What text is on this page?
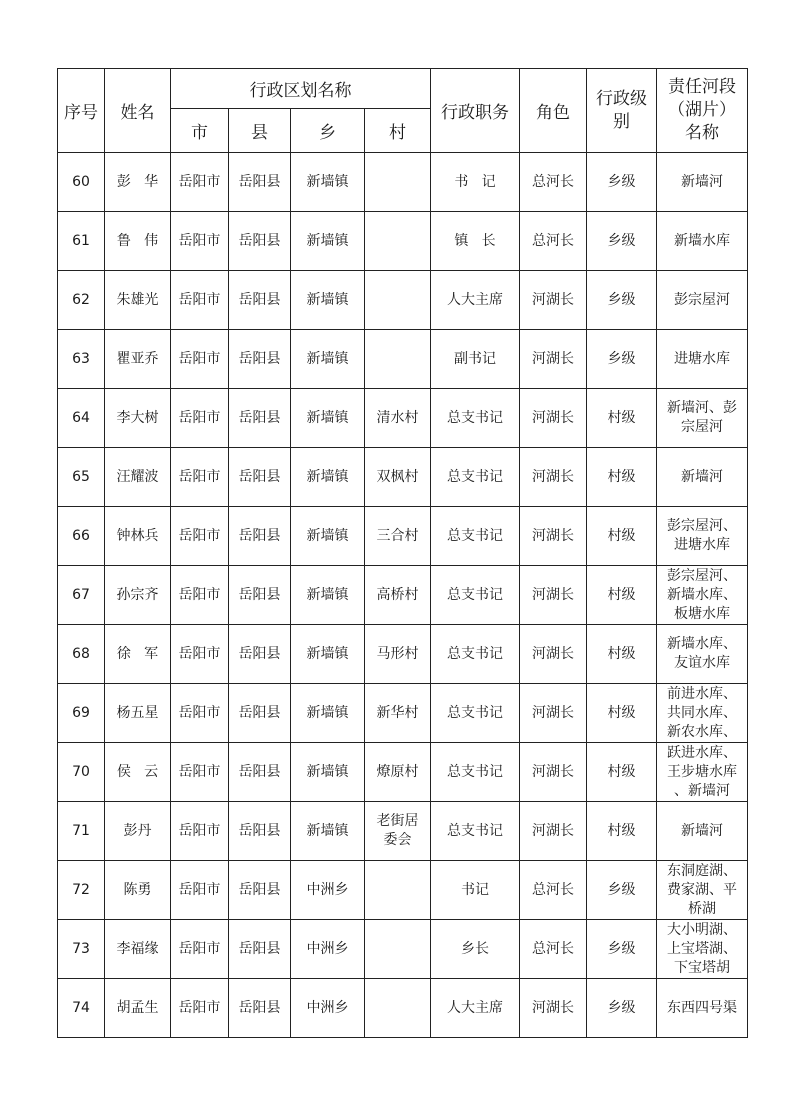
序号	姓名	行政区划名称				行政职务	角色	行政级
别	责任河段
（湖片）
名称
		市	县	乡	村				
60	彭   华	岳阳市	岳阳县	新墙镇		书   记	总河长	乡级	新墙河
61	鲁   伟	岳阳市	岳阳县	新墙镇		镇   长	总河长	乡级	新墙水库
62	朱雄光	岳阳市	岳阳县	新墙镇		人大主席	河湖长	乡级	彭宗屋河
63	瞿亚乔	岳阳市	岳阳县	新墙镇		副书记	河湖长	乡级	进塘水库
64	李大树	岳阳市	岳阳县	新墙镇	清水村	总支书记	河湖长	村级	新墙河、彭
宗屋河
65	汪耀波	岳阳市	岳阳县	新墙镇	双枫村	总支书记	河湖长	村级	新墙河
66	钟林兵	岳阳市	岳阳县	新墙镇	三合村	总支书记	河湖长	村级	彭宗屋河、
进塘水库
67	孙宗齐	岳阳市	岳阳县	新墙镇	高桥村	总支书记	河湖长	村级	彭宗屋河、
新墙水库、
板塘水库
68	徐   军	岳阳市	岳阳县	新墙镇	马形村	总支书记	河湖长	村级	新墙水库、
友谊水库
69	杨五星	岳阳市	岳阳县	新墙镇	新华村	总支书记	河湖长	村级	前进水库、
共同水库、
新农水库、
70	侯   云	岳阳市	岳阳县	新墙镇	燎原村	总支书记	河湖长	村级	跃进水库、
王步塘水库
、新墙河
71	彭丹	岳阳市	岳阳县	新墙镇	老街居
委会	总支书记	河湖长	村级	新墙河
72	陈勇	岳阳市	岳阳县	中洲乡		书记	总河长	乡级	东洞庭湖、
费家湖、平
桥湖
73	李福缘	岳阳市	岳阳县	中洲乡		乡长	总河长	乡级	大小明湖、
上宝塔湖、
下宝塔胡
74	胡孟生	岳阳市	岳阳县	中洲乡		人大主席	河湖长	乡级	东西四号渠
